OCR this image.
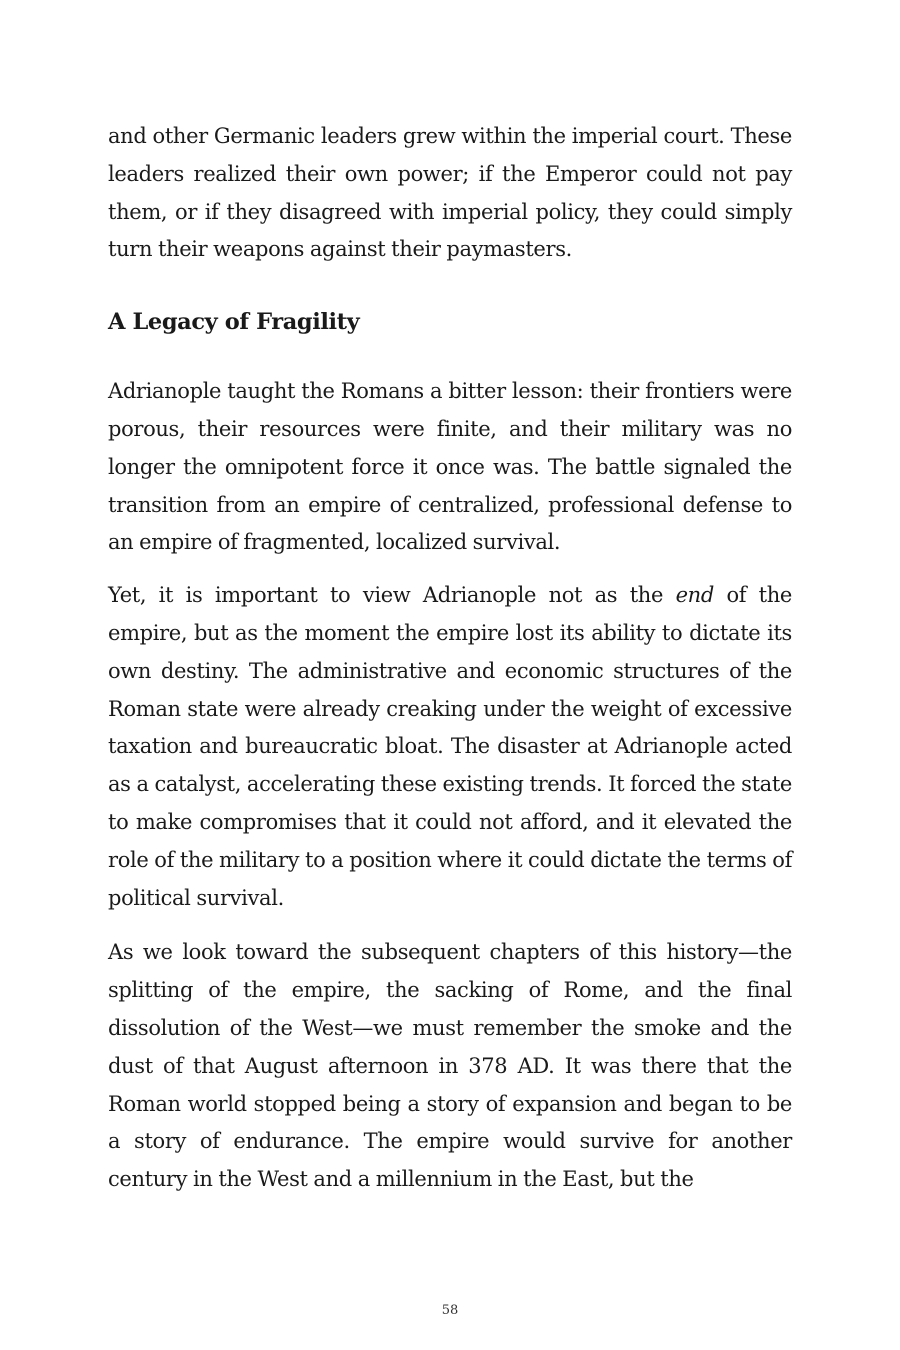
and other Germanic leaders grew within the imperial court. These leaders realized their own power; if the Emperor could not pay them, or if they disagreed with imperial policy, they could simply turn their weapons against their paymasters.

A Legacy of Fragility

Adrianople taught the Romans a bitter lesson: their frontiers were porous, their resources were finite, and their military was no longer the omnipotent force it once was. The battle signaled the transition from an empire of centralized, professional defense to an empire of fragmented, localized survival.

Yet, it is important to view Adrianople not as the end of the empire, but as the moment the empire lost its ability to dictate its own destiny. The administrative and economic structures of the Roman state were already creaking under the weight of excessive taxation and bureaucratic bloat. The disaster at Adrianople acted as a catalyst, accelerating these existing trends. It forced the state to make compromises that it could not afford, and it elevated the role of the military to a position where it could dictate the terms of political survival.

As we look toward the subsequent chapters of this history—the splitting of the empire, the sacking of Rome, and the final dissolution of the West—we must remember the smoke and the dust of that August afternoon in 378 AD. It was there that the Roman world stopped being a story of expansion and began to be a story of endurance. The empire would survive for another century in the West and a millennium in the East, but the

58
